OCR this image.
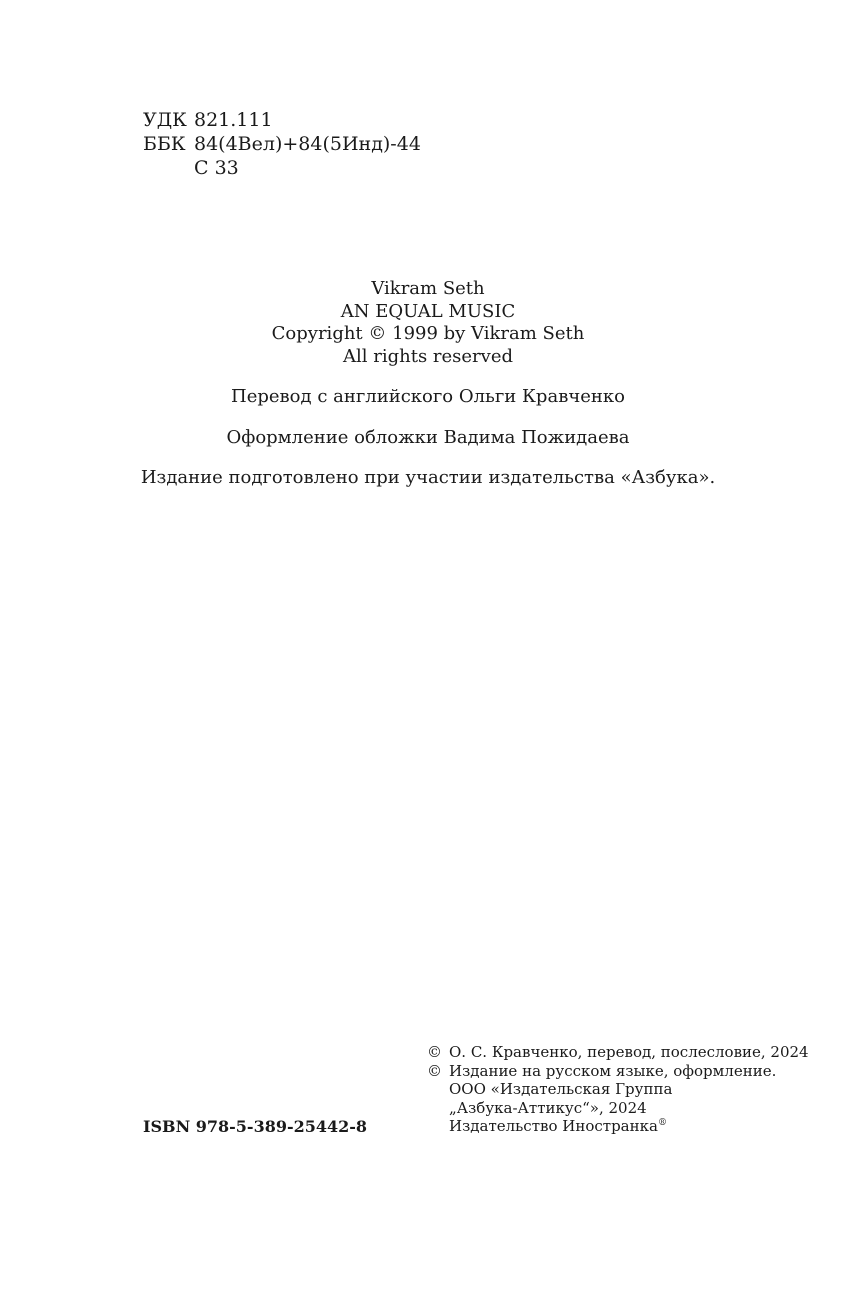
УДК 821.111
ББК 84(4Вел)+84(5Инд)-44
С 33
Vikram Seth
AN EQUAL MUSIC
Copyright © 1999 by Vikram Seth
All rights reserved
Перевод с английского Ольги Кравченко
Оформление обложки Вадима Пожидаева
Издание подготовлено при участии издательства «Азбука».
ISBN 978-5-389-25442-8
© О. С. Кравченко, перевод, послесловие, 2024
© Издание на русском языке, оформление.
ООО «Издательская Группа
„Азбука-Аттикус“», 2024
Издательство Иностранка®
